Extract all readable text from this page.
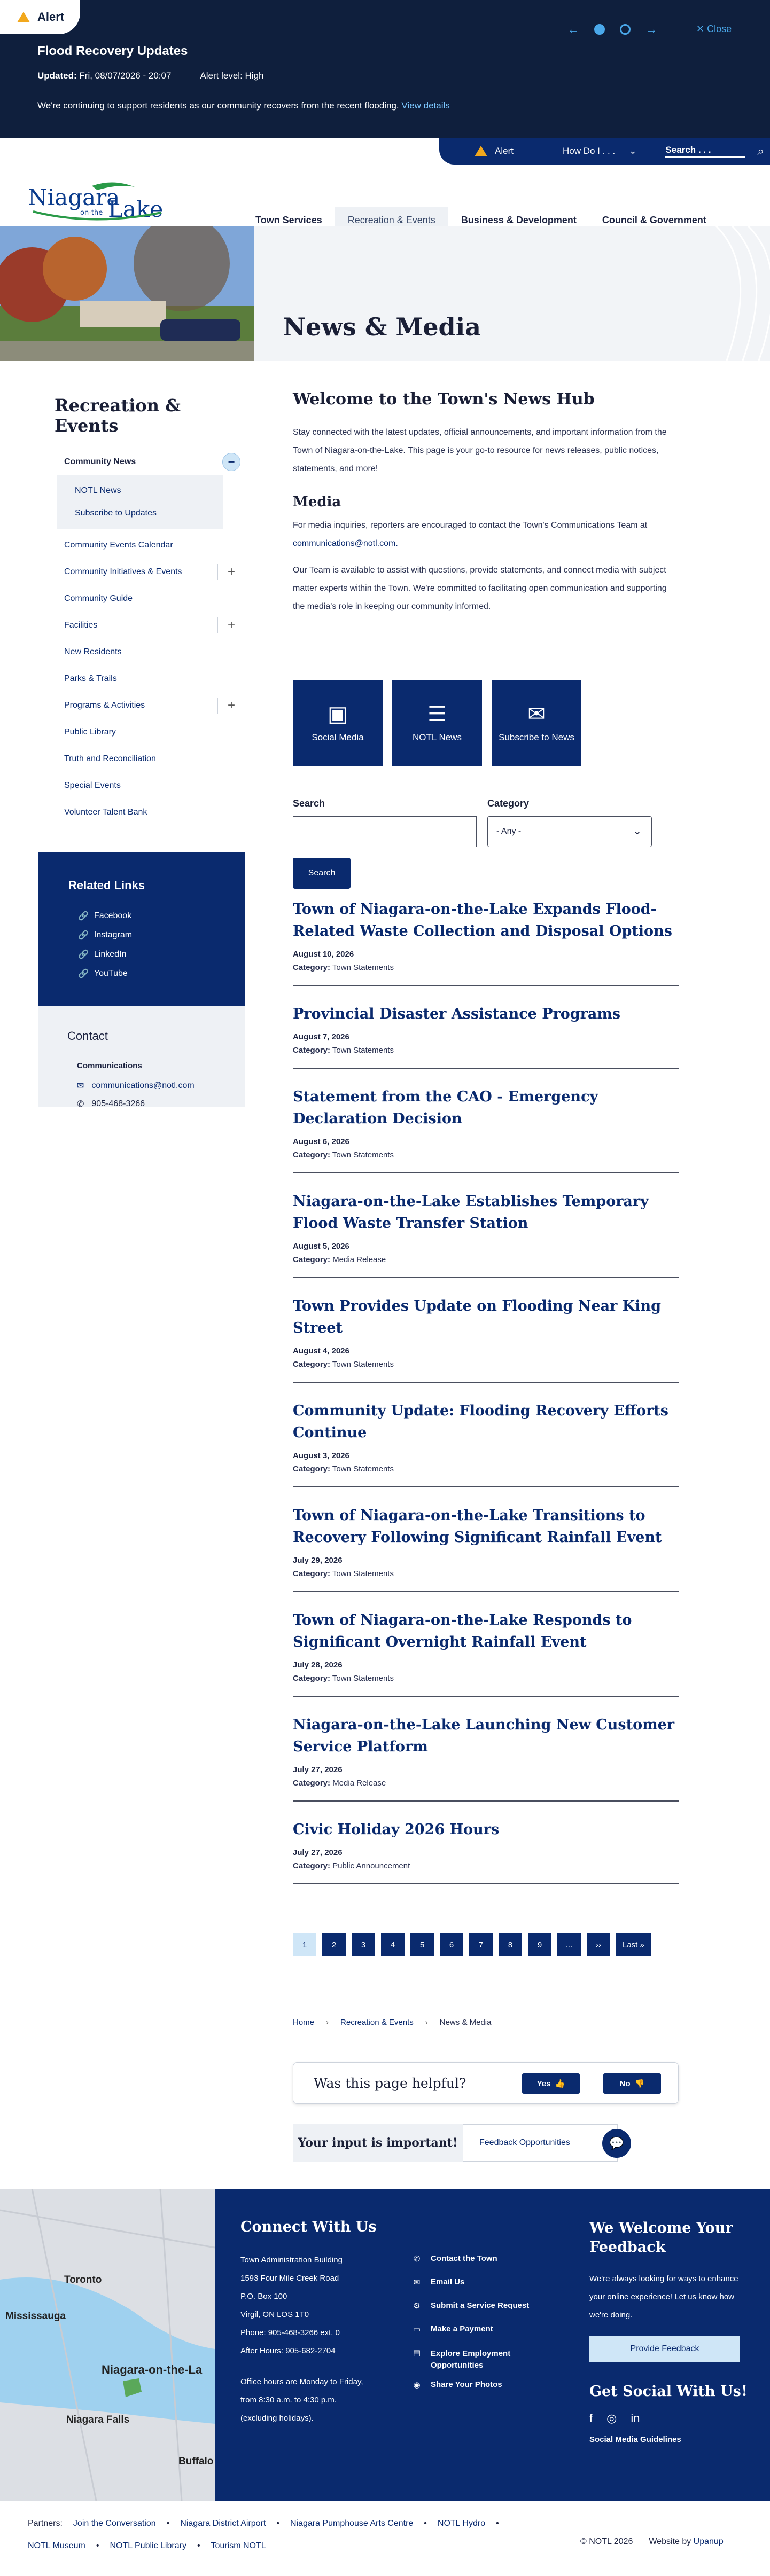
Alert
Flood Recovery Updates
Updated: Fri, 08/07/2026 - 20:07	Alert level: High
We're continuing to support residents as our community recovers from the recent flooding. View details
←	→	✕ Close
Alert	How Do I . . . ⌄	Search . . .	⌕
Niagara
on-the Lake	Town Services	Recreation & Events	Business & Development	Council & Government
News & Media
Recreation & Events
Community News	−
NOTL News
Subscribe to Updates
Community Events Calendar
Community Initiatives & Events	+
Community Guide
Facilities	+
New Residents
Parks & Trails
Programs & Activities	+
Public Library
Truth and Reconciliation
Special Events
Volunteer Talent Bank
Related Links
🔗 Facebook
🔗 Instagram
🔗 LinkedIn
🔗 YouTube
Contact
Communications
✉ communications@notl.com
✆ 905-468-3266
Welcome to the Town's News Hub

Stay connected with the latest updates, official announcements, and important information from the Town of Niagara-on-the-Lake. This page is your go-to resource for news releases, public notices, statements, and more!

Media

For media inquiries, reporters are encouraged to contact the Town's Communications Team at communications@notl.com.

Our Team is available to assist with questions, provide statements, and connect media with subject matter experts within the Town. We're committed to facilitating open communication and supporting the media's role in keeping our community informed.

▣
Social Media
☰
NOTL News
✉
Subscribe to News
Search	Category
- Any -	⌄
Search
Town of Niagara-on-the-Lake Expands Flood-Related Waste Collection and Disposal Options
August 10, 2026
Category: Town Statements
Provincial Disaster Assistance Programs
August 7, 2026
Category: Town Statements
Statement from the CAO - Emergency Declaration Decision
August 6, 2026
Category: Town Statements
Niagara-on-the-Lake Establishes Temporary Flood Waste Transfer Station
August 5, 2026
Category: Media Release
Town Provides Update on Flooding Near King Street
August 4, 2026
Category: Town Statements
Community Update: Flooding Recovery Efforts Continue
August 3, 2026
Category: Town Statements
Town of Niagara-on-the-Lake Transitions to Recovery Following Significant Rainfall Event
July 29, 2026
Category: Town Statements
Town of Niagara-on-the-Lake Responds to Significant Overnight Rainfall Event
July 28, 2026
Category: Town Statements
Niagara-on-the-Lake Launching New Customer Service Platform
July 27, 2026
Category: Media Release
Civic Holiday 2026 Hours
July 27, 2026
Category: Public Announcement
1	2	3	4	5	6	7	8	9	...	››	Last »
Home › Recreation & Events › News & Media
Was this page helpful?	Yes 👍	No 👎
Your input is important!	Feedback Opportunities	💬
Toronto
Mississauga
Niagara-on-the-La
Niagara Falls
Buffalo
Connect With Us
Town Administration Building
1593 Four Mile Creek Road
P.O. Box 100
Virgil, ON LOS 1T0
Phone: 905-468-3266 ext. 0
After Hours: 905-682-2704
Office hours are Monday to Friday,
from 8:30 a.m. to 4:30 p.m.
(excluding holidays).
✆ Contact the Town
✉ Email Us
⚙ Submit a Service Request
▭ Make a Payment
▤ Explore Employment Opportunities
◉ Share Your Photos
We Welcome Your Feedback

We're always looking for ways to enhance your online experience! Let us know how we're doing.

Provide Feedback
Get Social With Us!
f ◎ in
Social Media Guidelines
Partners: Join the Conversation • Niagara District Airport • Niagara Pumphouse Arts Centre • NOTL Hydro •
NOTL Museum • NOTL Public Library • Tourism NOTL	© NOTL 2026 Website by Upanup
